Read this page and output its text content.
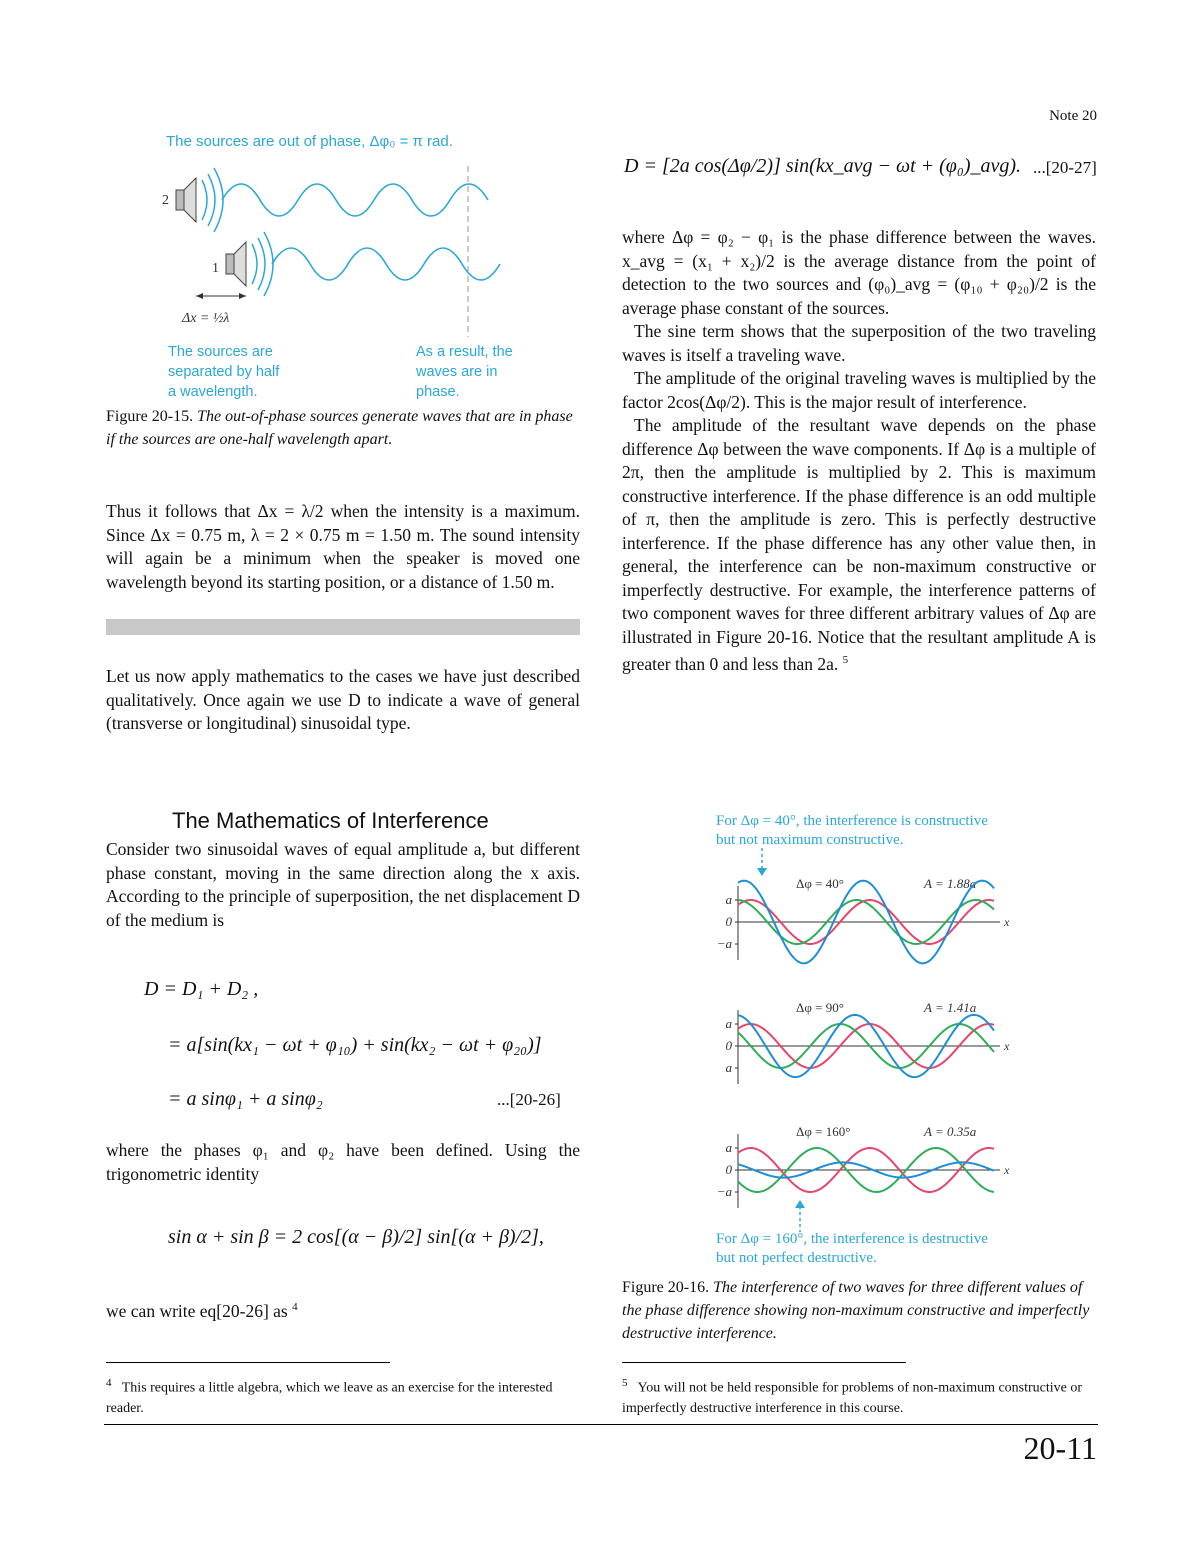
Note 20
The sources are out of phase, Δφ₀ = π rad.
2
1
Δx = ½λ
The sources are
separated by half
a wavelength.
As a result, the
waves are in
phase.
Figure 20-15. The out-of-phase sources generate waves that are in phase if the sources are one-half wavelength apart.
Thus it follows that Δx = λ/2 when the intensity is a maximum. Since Δx = 0.75 m, λ = 2 × 0.75 m = 1.50 m. The sound intensity will again be a minimum when the speaker is moved one wavelength beyond its starting position, or a distance of 1.50 m.
Let us now apply mathematics to the cases we have just described qualitatively. Once again we use D to indicate a wave of general (transverse or longitudinal) sinusoidal type.
The Mathematics of Interference
Consider two sinusoidal waves of equal amplitude a, but different phase constant, moving in the same direction along the x axis. According to the principle of superposition, the net displacement D of the medium is
D = D₁ + D₂ ,
= a[sin(kx₁ − ωt + φ₁₀) + sin(kx₂ − ωt + φ₂₀)]
= a sinφ₁ + a sinφ₂	...[20-26]
where the phases φ₁ and φ₂ have been defined. Using the trigonometric identity
sin α + sin β = 2 cos[(α − β)/2] sin[(α + β)/2],
we can write eq[20-26] as $^4$
$^4$ This requires a little algebra, which we leave as an exercise for the interested reader.
D = [2a cos(Δφ/2)] sin(kx_avg − ωt + (φ₀)_avg). ...[20-27]
where Δφ = φ₂ − φ₁ is the phase difference between the waves. x_avg = (x₁ + x₂)/2 is the average distance from the point of detection to the two sources and (φ₀)_avg = (φ₁₀ + φ₂₀)/2 is the average phase constant of the sources.
The sine term shows that the superposition of the two traveling waves is itself a traveling wave.
The amplitude of the original traveling waves is multiplied by the factor 2cos(Δφ/2). This is the major result of interference.
The amplitude of the resultant wave depends on the phase difference Δφ between the wave components. If Δφ is a multiple of 2π, then the amplitude is multiplied by 2. This is maximum constructive interference. If the phase difference is an odd multiple of π, then the amplitude is zero. This is perfectly destructive interference. If the phase difference has any other value then, in general, the interference can be non-maximum constructive or imperfectly destructive. For example, the interference patterns of two component waves for three different arbitrary values of Δφ are illustrated in Figure 20-16. Notice that the resultant amplitude A is greater than 0 and less than 2a. $^5$
For Δφ = 40°, the interference is constructive
but not maximum constructive.
x
a
0
−a
Δφ = 40°	A = 1.88a
x
a
0
a
Δφ = 90°	A = 1.41a
x
a
0
−a
Δφ = 160°	A = 0.35a
For Δφ = 160°, the interference is destructive
but not perfect destructive.
Figure 20-16. The interference of two waves for three different values of the phase difference showing non-maximum constructive and imperfectly destructive interference.
$^5$ You will not be held responsible for problems of non-maximum constructive or imperfectly destructive interference in this course.
20-11
